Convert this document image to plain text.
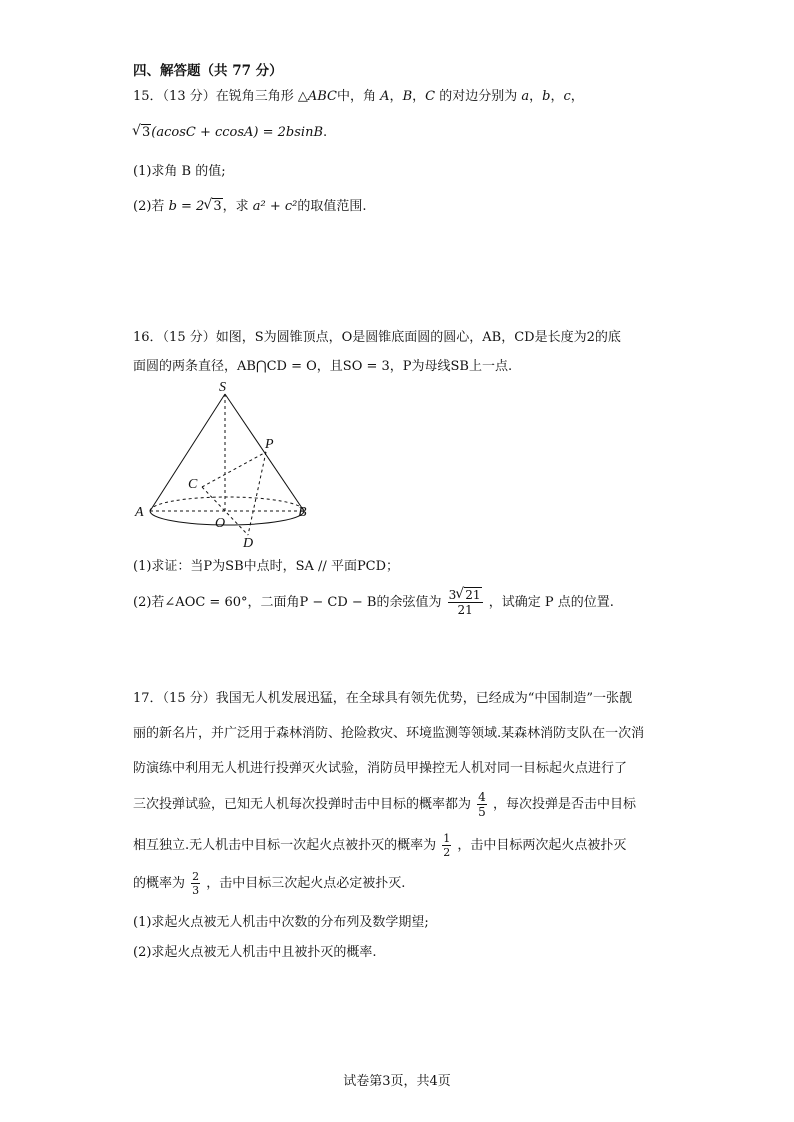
四、解答题（共 77 分）
15．（13 分）在锐角三角形 △ABC中，角 A，B，C 的对边分别为 a，b，c，
√ 3(acosC + ccosA) = 2bsinB.
(1)求角 B 的值;
(2)若 b = 2 √ 3，求 a² + c²的取值范围.
16．（15 分）如图，S为圆锥顶点，O是圆锥底面圆的圆心，AB，CD是长度为2的底
面圆的两条直径，AB⋂CD = O，且SO = 3，P为母线SB上一点.
S
P
C
A
O
B
D
(1)求证：当P为SB中点时，SA // 平面PCD；
(2)若∠AOC = 60°，二面角P − CD − B的余弦值为 $\frac{3 √ 21}{21}$ ，试确定 P 点的位置.
17．（15 分）我国无人机发展迅猛，在全球具有领先优势，已经成为“中国制造”一张靓
丽的新名片，并广泛用于森林消防、抢险救灾、环境监测等领域.某森林消防支队在一次消
防演练中利用无人机进行投弹灭火试验，消防员甲操控无人机对同一目标起火点进行了
三次投弹试验，已知无人机每次投弹时击中目标的概率都为 $\frac{4}{5}$ ，每次投弹是否击中目标
相互独立.无人机击中目标一次起火点被扑灭的概率为 $\frac{1}{2}$ ，击中目标两次起火点被扑灭
的概率为 $\frac{2}{3}$ ，击中目标三次起火点必定被扑灭.
(1)求起火点被无人机击中次数的分布列及数学期望;
(2)求起火点被无人机击中且被扑灭的概率.
试卷第3页，共4页
